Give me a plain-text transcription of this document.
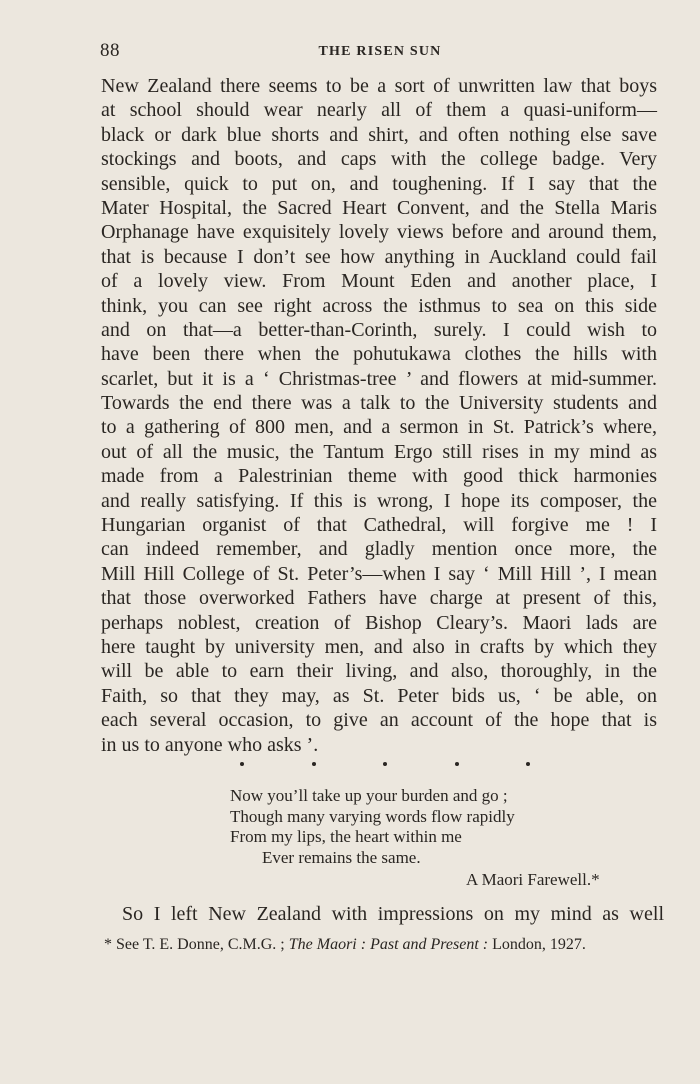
88	THE RISEN SUN
New Zealand there seems to be a sort of unwritten law that boys
at school should wear nearly all of them a quasi-uniform—
black or dark blue shorts and shirt, and often nothing else save
stockings and boots, and caps with the college badge. Very
sensible, quick to put on, and toughening. If I say that the
Mater Hospital, the Sacred Heart Convent, and the Stella Maris
Orphanage have exquisitely lovely views before and around them,
that is because I don’t see how anything in Auckland could fail
of a lovely view. From Mount Eden and another place, I
think, you can see right across the isthmus to sea on this side
and on that—a better-than-Corinth, surely. I could wish to
have been there when the pohutukawa clothes the hills with
scarlet, but it is a ‘ Christmas-tree ’ and flowers at mid-summer.
Towards the end there was a talk to the University students and
to a gathering of 800 men, and a sermon in St. Patrick’s where,
out of all the music, the Tantum Ergo still rises in my mind as
made from a Palestrinian theme with good thick harmonies
and really satisfying. If this is wrong, I hope its composer, the
Hungarian organist of that Cathedral, will forgive me ! I
can indeed remember, and gladly mention once more, the
Mill Hill College of St. Peter’s—when I say ‘ Mill Hill ’, I mean
that those overworked Fathers have charge at present of this,
perhaps noblest, creation of Bishop Cleary’s. Maori lads are
here taught by university men, and also in crafts by which they
will be able to earn their living, and also, thoroughly, in the
Faith, so that they may, as St. Peter bids us, ‘ be able, on
each several occasion, to give an account of the hope that is
in us to anyone who asks ’.
Now you’ll take up your burden and go ;
Though many varying words flow rapidly
From my lips, the heart within me
Ever remains the same.
A Maori Farewell.*
So I left New Zealand with impressions on my mind as well
* See T. E. Donne, C.M.G. ; The Maori : Past and Present : London, 1927.
